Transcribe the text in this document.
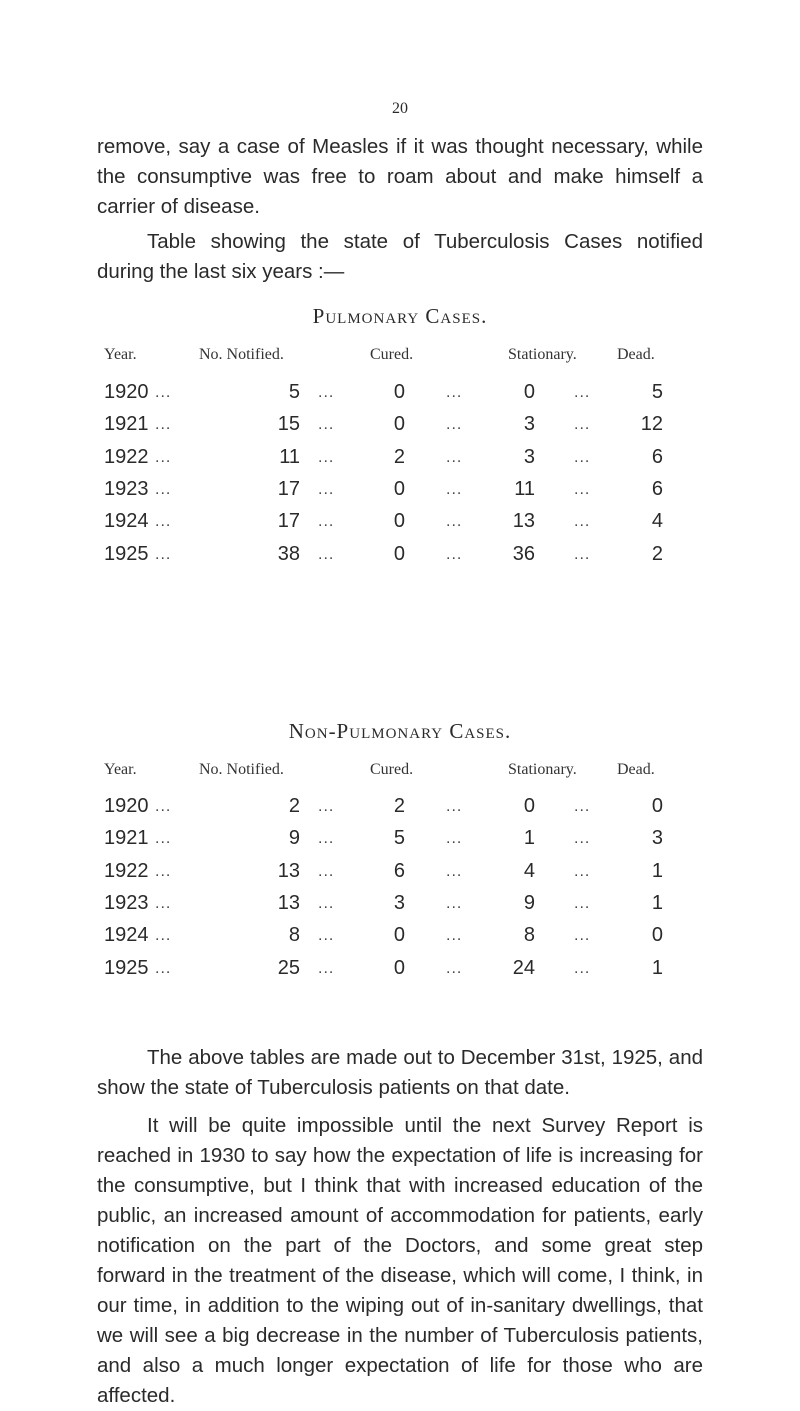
20

remove, say a case of Measles if it was thought necessary, while the consumptive was free to roam about and make himself a carrier of disease.

Table showing the state of Tuberculosis Cases notified during the last six years :—

Pulmonary Cases.
Year.	No. Notified.	Cured.	Stationary.	Dead.
1920	5	0	0	5
...	...	...	...
1921	15	0	3	12
...	...	...	...
1922	11	2	3	6
...	...	...	...
1923	17	0	11	6
...	...	...	...
1924	17	0	13	4
...	...	...	...
1925	38	0	36	2
...	...	...	...
Non-Pulmonary Cases.
Year.	No. Notified.	Cured.	Stationary.	Dead.
1920	2	2	0	0
...	...	...	...
1921	9	5	1	3
...	...	...	...
1922	13	6	4	1
...	...	...	...
1923	13	3	9	1
...	...	...	...
1924	8	0	8	0
...	...	...	...
1925	25	0	24	1
...	...	...	...

The above tables are made out to December 31st, 1925, and show the state of Tuberculosis patients on that date.

It will be quite impossible until the next Survey Report is reached in 1930 to say how the expectation of life is increasing for the consumptive, but I think that with increased education of the public, an increased amount of accommodation for patients, early notification on the part of the Doctors, and some great step forward in the treatment of the disease, which will come, I think, in our time, in addition to the wiping out of in-sanitary dwellings, that we will see a big decrease in the number of Tuberculosis patients, and also a much longer expectation of life for those who are affected.
